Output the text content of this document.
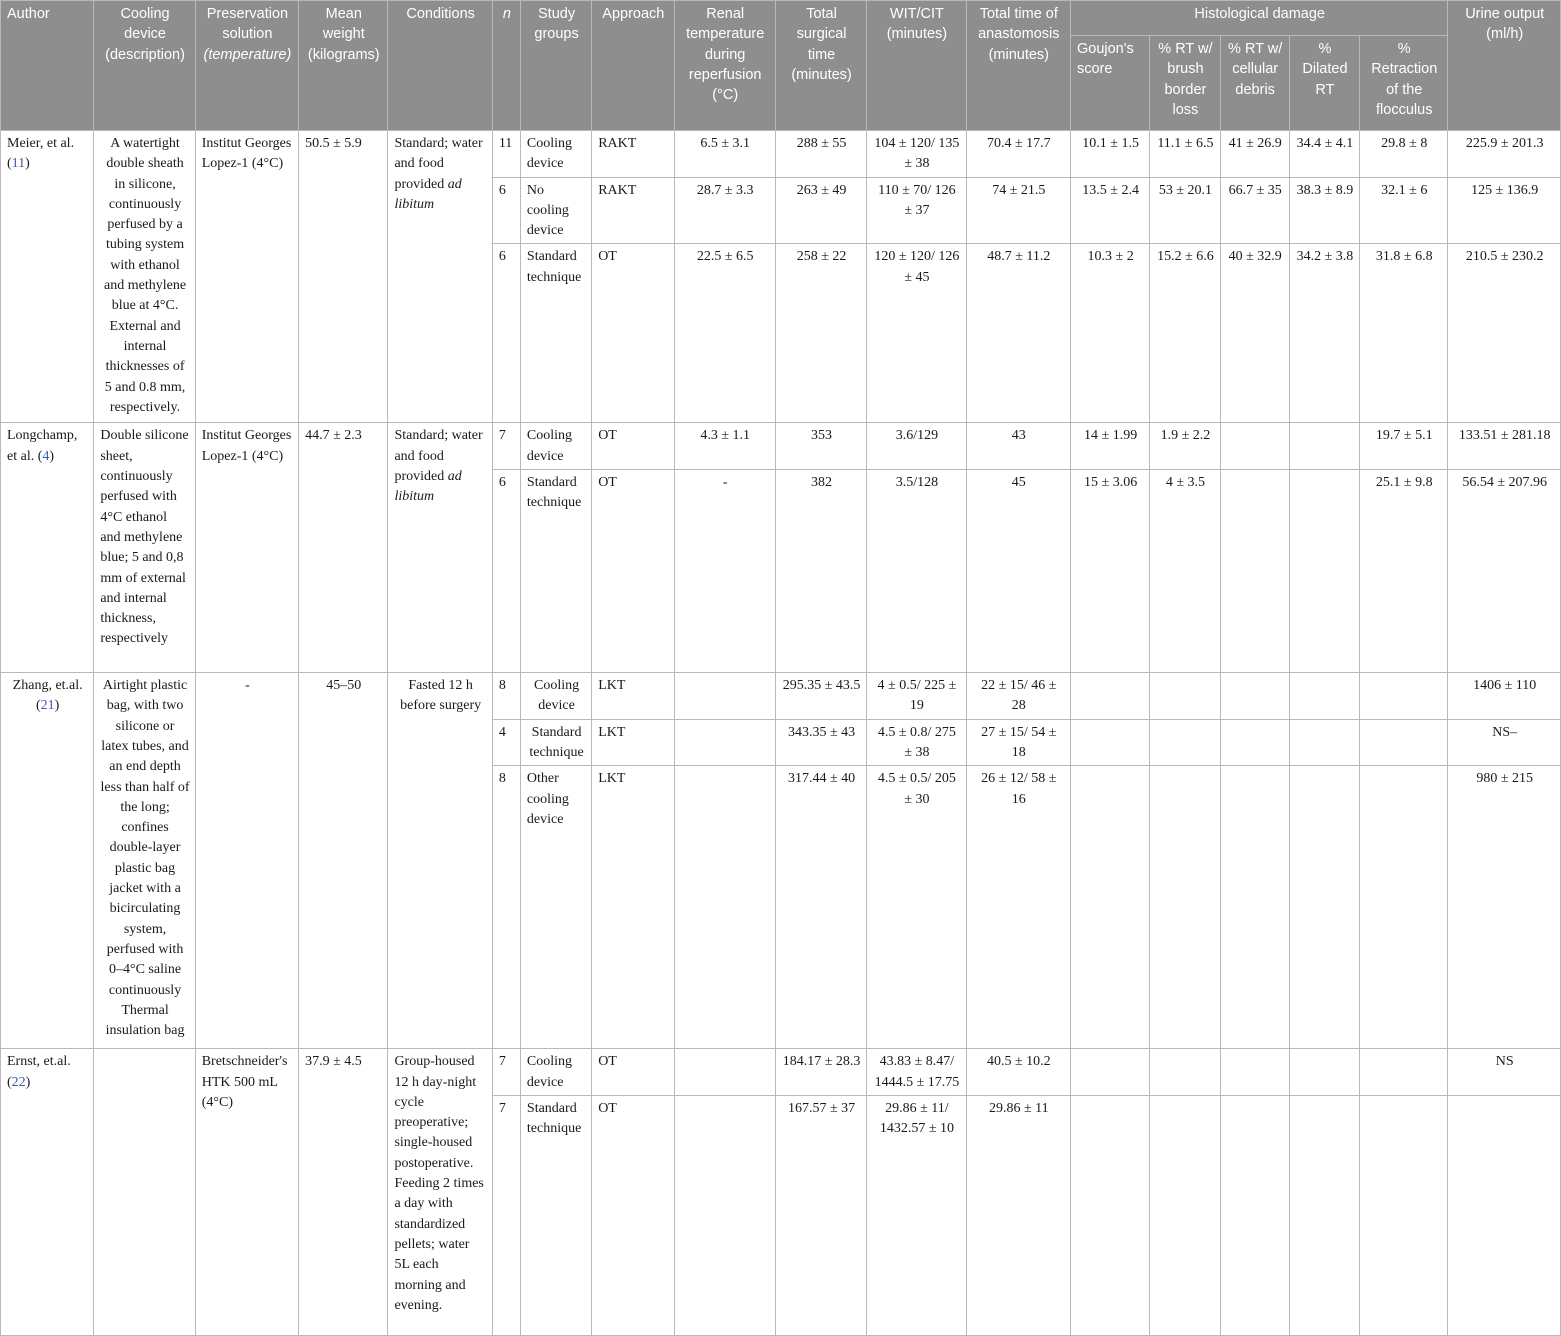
Author	Cooling device (description)	Preservation solution (temperature)	Mean weight (kilograms)	Conditions	n	Study groups	Approach	Renal temperature during reperfusion (°C)	Total surgical time (minutes)	WIT/CIT (minutes)	Total time of anastomosis (minutes)	Histological damage					Urine output (ml/h)
												Goujon's score	% RT w/ brush border loss	% RT w/ cellular debris	% Dilated RT	% Retraction of the flocculus	
Meier, et al. (11)	A watertight double sheath in silicone, continuously perfused by a tubing system with ethanol and methylene blue at 4°C. External and internal thicknesses of 5 and 0.8 mm, respectively.	Institut Georges Lopez-1 (4°C)	50.5 ± 5.9	Standard; water and food provided ad libitum	11	Cooling device	RAKT	6.5 ± 3.1	288 ± 55	104 ± 120/ 135 ± 38	70.4 ± 17.7	10.1 ± 1.5	11.1 ± 6.5	41 ± 26.9	34.4 ± 4.1	29.8 ± 8	225.9 ± 201.3
					6	No cooling device	RAKT	28.7 ± 3.3	263 ± 49	110 ± 70/ 126 ± 37	74 ± 21.5	13.5 ± 2.4	53 ± 20.1	66.7 ± 35	38.3 ± 8.9	32.1 ± 6	125 ± 136.9
					6	Standard technique	OT	22.5 ± 6.5	258 ± 22	120 ± 120/ 126 ± 45	48.7 ± 11.2	10.3 ± 2	15.2 ± 6.6	40 ± 32.9	34.2 ± 3.8	31.8 ± 6.8	210.5 ± 230.2
Longchamp, et al. (4)	Double silicone sheet, continuously perfused with 4°C ethanol and methylene blue; 5 and 0,8 mm of external and internal thickness, respectively	Institut Georges Lopez-1 (4°C)	44.7 ± 2.3	Standard; water and food provided ad libitum	7	Cooling device	OT	4.3 ± 1.1	353	3.6/129	43	14 ± 1.99	1.9 ± 2.2			19.7 ± 5.1	133.51 ± 281.18
					6	Standard technique	OT	-	382	3.5/128	45	15 ± 3.06	4 ± 3.5			25.1 ± 9.8	56.54 ± 207.96
Zhang, et.al. (21)	Airtight plastic bag, with two silicone or latex tubes, and an end depth less than half of the long; confines double-layer plastic bag jacket with a bicirculating system, perfused with 0–4°C saline continuously Thermal insulation bag	-	45–50	Fasted 12 h before surgery	8	Cooling device	LKT		295.35 ± 43.5	4 ± 0.5/ 225 ± 19	22 ± 15/ 46 ± 28						1406 ± 110
					4	Standard technique	LKT		343.35 ± 43	4.5 ± 0.8/ 275 ± 38	27 ± 15/ 54 ± 18						NS–
					8	Other cooling device	LKT		317.44 ± 40	4.5 ± 0.5/ 205 ± 30	26 ± 12/ 58 ± 16						980 ± 215
Ernst, et.al. (22)		Bretschneider's HTK 500 mL (4°C)	37.9 ± 4.5	Group-housed 12 h day-night cycle preoperative; single-housed postoperative. Feeding 2 times a day with standardized pellets; water 5L each morning and evening.	7	Cooling device	OT		184.17 ± 28.3	43.83 ± 8.47/ 1444.5 ± 17.75	40.5 ± 10.2						NS
					7	Standard technique	OT		167.57 ± 37	29.86 ± 11/ 1432.57 ± 10	29.86 ± 11						
